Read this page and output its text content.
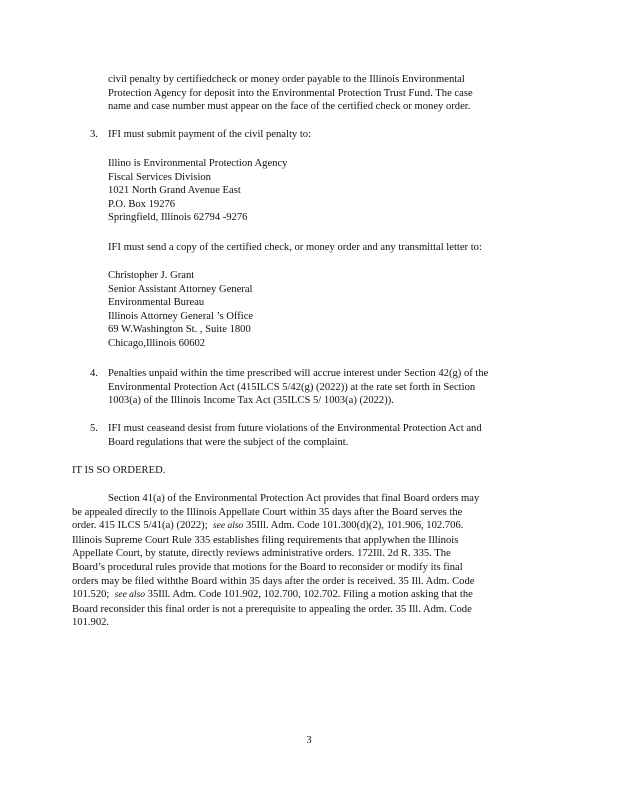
civil penalty by certifiedcheck or money order payable to the Illinois Environmental
Protection Agency for deposit into the Environmental Protection Trust Fund. The case
name and case number must appear on the face of the certified check or money order.
3. IFI must submit payment of the civil penalty to:
Illino is Environmental Protection Agency
Fiscal Services Division
1021 North Grand Avenue East
P.O. Box 19276
Springfield, Illinois 62794 -9276
IFI must send a copy of the certified check, or money order and any transmittal letter to:
Christopher J. Grant
Senior Assistant Attorney General
Environmental Bureau
Illinois Attorney General ’s Office
69 W.Washington St. , Suite 1800
Chicago,Illinois 60602
4. Penalties unpaid within the time prescribed will accrue interest under Section 42(g) of the
Environmental Protection Act (415ILCS 5/42(g) (2022)) at the rate set forth in Section
1003(a) of the Illinois Income Tax Act (35ILCS 5/ 1003(a) (2022)).
5. IFI must ceaseand desist from future violations of the Environmental Protection Act and
Board regulations that were the subject of the complaint.
IT IS SO ORDERED.
Section 41(a) of the Environmental Protection Act provides that final Board orders may
be appealed directly to the Illinois Appellate Court within 35 days after the Board serves the
order. 415 ILCS 5/41(a) (2022); see also 35Ill. Adm. Code 101.300(d)(2), 101.906, 102.706.
Illinois Supreme Court Rule 335 establishes filing requirements that applywhen the Illinois
Appellate Court, by statute, directly reviews administrative orders. 172Ill. 2d R. 335. The
Board’s procedural rules provide that motions for the Board to reconsider or modify its final
orders may be filed withthe Board within 35 days after the order is received. 35 Ill. Adm. Code
101.520; see also 35Ill. Adm. Code 101.902, 102.700, 102.702. Filing a motion asking that the
Board reconsider this final order is not a prerequisite to appealing the order. 35 Ill. Adm. Code
101.902.
3
